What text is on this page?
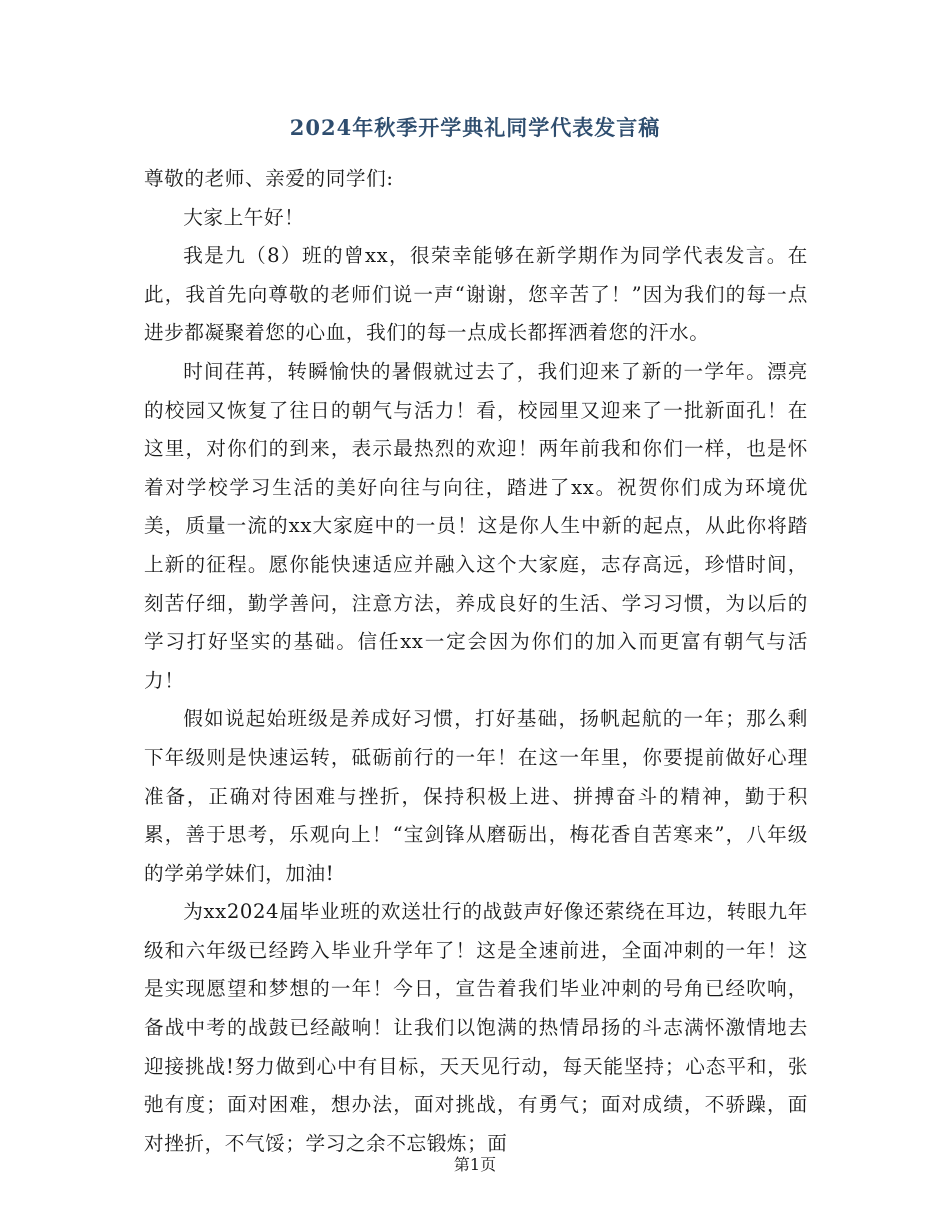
2024年秋季开学典礼同学代表发言稿

尊敬的老师、亲爱的同学们:

大家上午好！

我是九（8）班的曾xx，很荣幸能够在新学期作为同学代表发言。在此，我首先向尊敬的老师们说一声“谢谢，您辛苦了！”因为我们的每一点进步都凝聚着您的心血，我们的每一点成长都挥洒着您的汗水。

时间荏苒，转瞬愉快的暑假就过去了，我们迎来了新的一学年。漂亮的校园又恢复了往日的朝气与活力！看，校园里又迎来了一批新面孔！在这里，对你们的到来，表示最热烈的欢迎！两年前我和你们一样，也是怀着对学校学习生活的美好向往与向往，踏进了xx。祝贺你们成为环境优美，质量一流的xx大家庭中的一员！这是你人生中新的起点，从此你将踏上新的征程。愿你能快速适应并融入这个大家庭，志存高远，珍惜时间，刻苦仔细，勤学善问，注意方法，养成良好的生活、学习习惯，为以后的学习打好坚实的基础。信任xx一定会因为你们的加入而更富有朝气与活力！

假如说起始班级是养成好习惯，打好基础，扬帆起航的一年；那么剩下年级则是快速运转，砥砺前行的一年！在这一年里，你要提前做好心理准备，正确对待困难与挫折，保持积极上进、拼搏奋斗的精神，勤于积累，善于思考，乐观向上！“宝剑锋从磨砺出，梅花香自苦寒来”，八年级的学弟学妹们，加油!

为xx2024届毕业班的欢送壮行的战鼓声好像还萦绕在耳边，转眼九年级和六年级已经跨入毕业升学年了！这是全速前进，全面冲刺的一年！这是实现愿望和梦想的一年！今日，宣告着我们毕业冲刺的号角已经吹响，备战中考的战鼓已经敲响！让我们以饱满的热情昂扬的斗志满怀激情地去迎接挑战!努力做到心中有目标，天天见行动，每天能坚持；心态平和，张弛有度；面对困难，想办法，面对挑战，有勇气；面对成绩，不骄躁，面对挫折，不气馁；学习之余不忘锻炼；面

第1页
